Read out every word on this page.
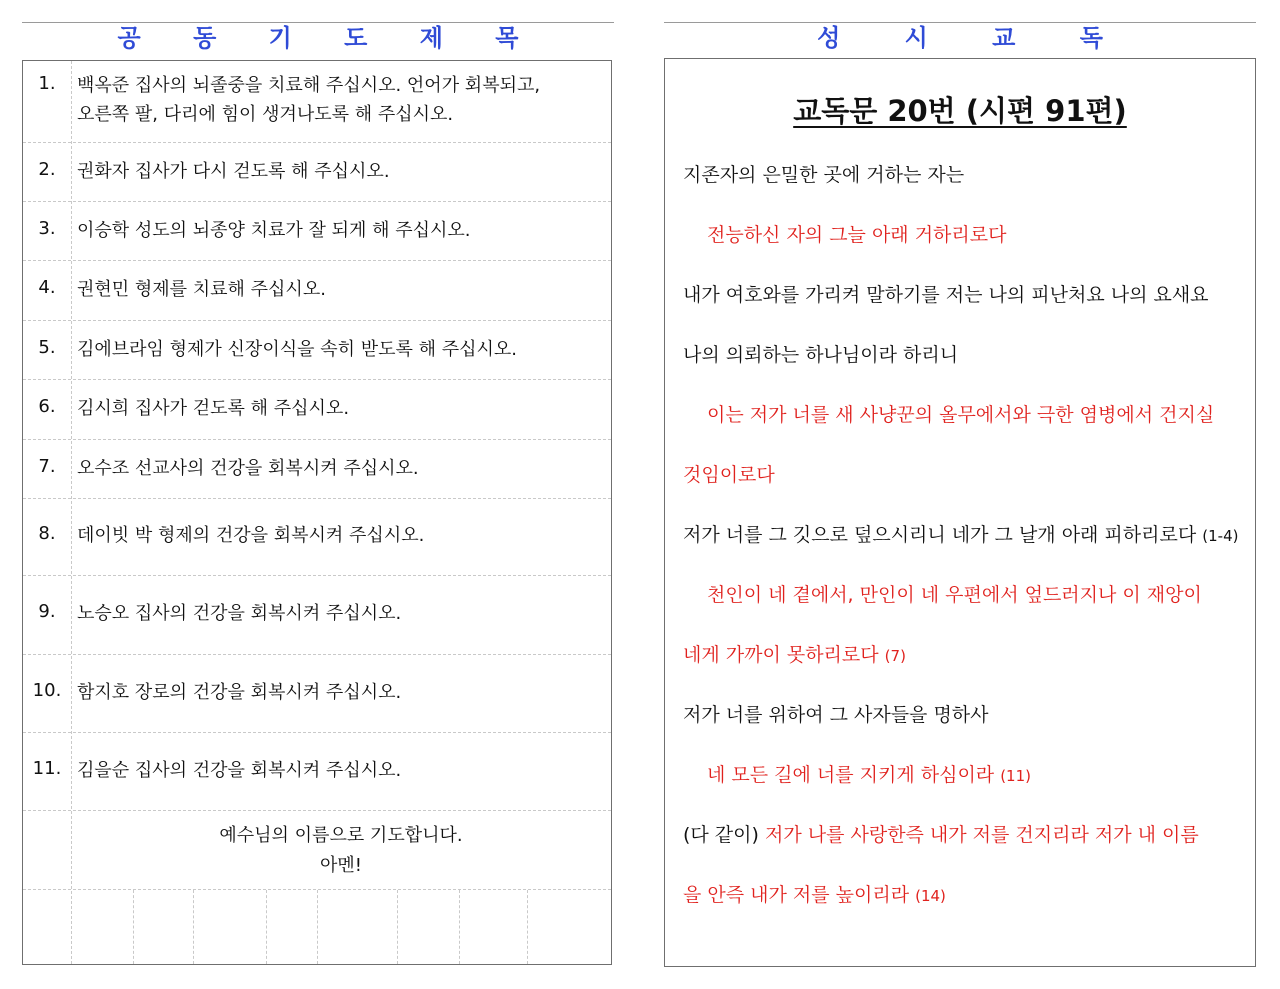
공 동 기 도 제 목
1.	백옥준 집사의 뇌졸중을 치료해 주십시오. 언어가 회복되고,
오른쪽 팔, 다리에 힘이 생겨나도록 해 주십시오.
2.	권화자 집사가 다시 걷도록 해 주십시오.
3.	이승학 성도의 뇌종양 치료가 잘 되게 해 주십시오.
4.	권현민 형제를 치료해 주십시오.
5.	김에브라임 형제가 신장이식을 속히 받도록 해 주십시오.
6.	김시희 집사가 걷도록 해 주십시오.
7.	오수조 선교사의 건강을 회복시켜 주십시오.
8.	데이빗 박 형제의 건강을 회복시켜 주십시오.
9.	노승오 집사의 건강을 회복시켜 주십시오.
10. 함지호 장로의 건강을 회복시켜 주십시오.
11. 김을순 집사의 건강을 회복시켜 주십시오.
예수님의 이름으로 기도합니다.
아멘!
성	시	교	독
교독문 20번 (시편 91편)
지존자의 은밀한 곳에 거하는 자는
전능하신 자의 그늘 아래 거하리로다
내가 여호와를 가리켜 말하기를 저는 나의 피난처요 나의 요새요
나의 의뢰하는 하나님이라 하리니
이는 저가 너를 새 사냥꾼의 올무에서와 극한 염병에서 건지실
것임이로다
저가 너를 그 깃으로 덮으시리니 네가 그 날개 아래 피하리로다 (1-4)
천인이 네 곁에서, 만인이 네 우편에서 엎드러지나 이 재앙이
네게 가까이 못하리로다 (7)
저가 너를 위하여 그 사자들을 명하사
네 모든 길에 너를 지키게 하심이라 (11)
(다 같이) 저가 나를 사랑한즉 내가 저를 건지리라 저가 내 이름
을 안즉 내가 저를 높이리라 (14)
